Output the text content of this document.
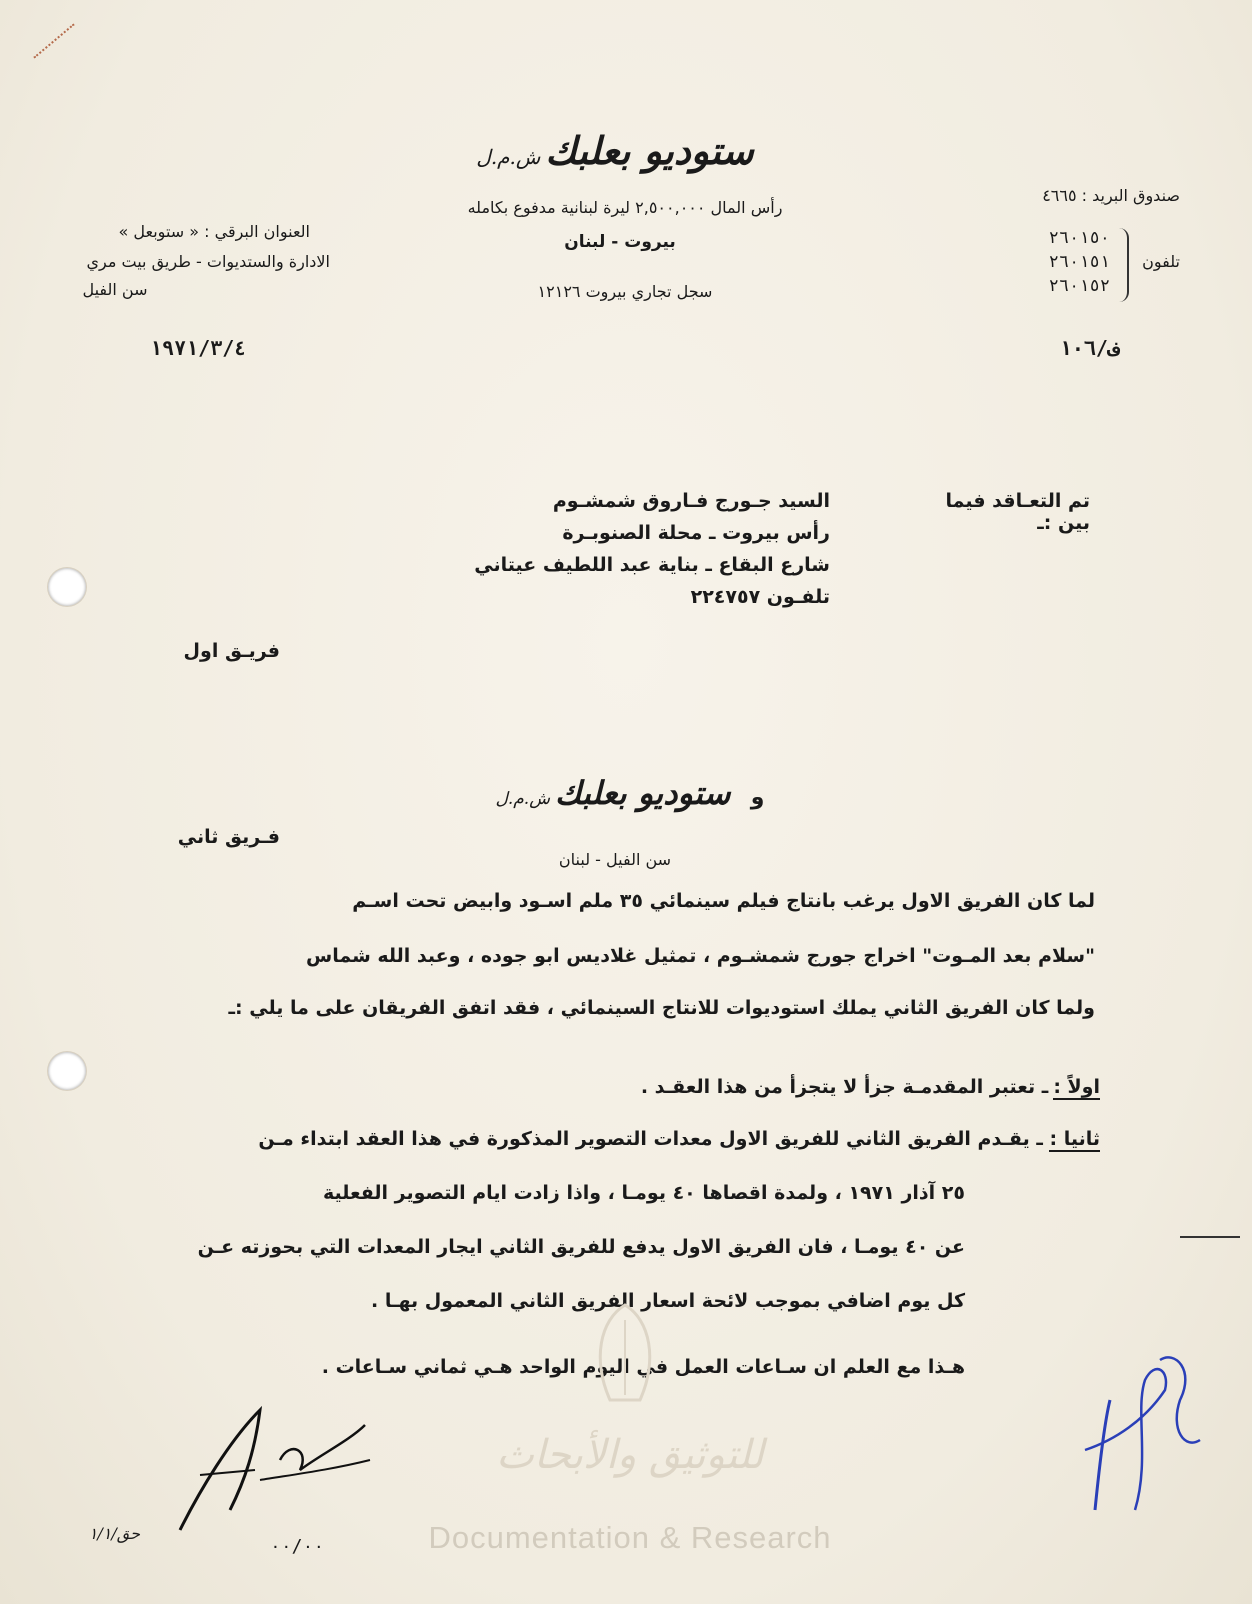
ستوديو بعلبك ش.م.ل
رأس المال ٢,٥٠٠,٠٠٠ ليرة لبنانية مدفوع بكامله
بيروت - لبنان
سجل تجاري بيروت ١٢١٢٦
صندوق البريد : ٤٦٦٥
تلفون
٢٦٠١٥٠
٢٦٠١٥١
٢٦٠١٥٢
العنوان البرقي : « ستوبعل »
الادارة والستديوات - طريق بيت مري
سن الفيل
ف/١٠٦
١٩٧١/٣/٤
تم التعـاقد فيما بين :ـ
السيد جـورج فـاروق شمشـوم
رأس بيروت ـ محلة الصنوبـرة
شارع البقاع ـ بناية عبد اللطيف عيتاني
تلفـون ٢٢٤٧٥٧
فريـق اول
و    ستوديو بعلبك ش.م.ل
سن الفيل - لبنان
فـريق ثاني
لما كان الفريق الاول يرغب بانتاج فيلم سينمائي ٣٥ ملم اسـود وابيض تحت اسـم
"سلام بعد المـوت" اخراج جورج شمشـوم ، تمثيل غلاديس ابو جوده ، وعبد الله شماس
ولما كان الفريق الثاني يملك استوديوات للانتاج السينمائي ، فقد اتفق الفريقان على ما يلي :ـ
اولاً : ـ تعتبر المقدمـة جزأ لا يتجزأ من هذا العقـد .
ثانيا : ـ يقـدم الفريق الثاني للفريق الاول معدات التصوير المذكورة في هذا العقد ابتداء مـن
٢٥ آذار ١٩٧١ ، ولمدة اقصاها ٤٠ يومـا ، واذا زادت ايام التصوير الفعلية
عن ٤٠ يومـا ، فان الفريق الاول يدفع للفريق الثاني ايجار المعدات التي بحوزته عـن
كل يوم اضافي بموجب لائحة اسعار الفريق الثاني المعمول بهـا .
هـذا مع العلم ان سـاعات العمل في اليوم الواحد هـي ثماني سـاعات .
للتوثيق والأبحاث
Documentation & Research
حق/١/١
٠٠/٠٠
